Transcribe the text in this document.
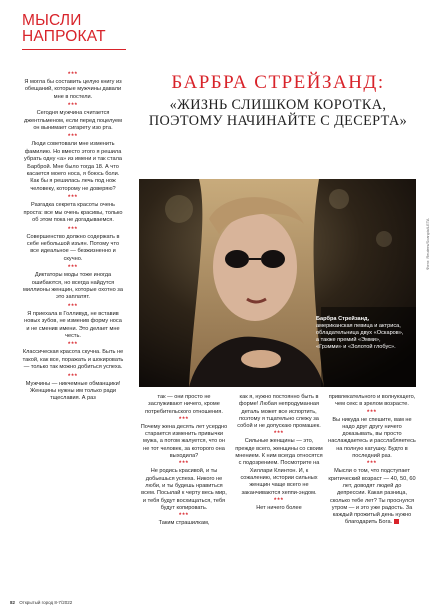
МЫСЛИ НАПРОКАТ
***
Я могла бы составить целую книгу из обещаний, которые мужчины давали мне в постели.
***
Сегодня мужчина считается джентльменом, если перед поцелуем он вынимает сигарету изо рта.
***
Люди советовали мне изменить фамилию. Но вместо этого я решила убрать одну «а» из имени и так стала Барброй. Мне было тогда 18. А что касается моего носа, я боюсь боли. Как бы я решилась лечь под нож человеку, которому не доверяю?
***
Разгадка секрета красоты очень проста: все мы очень красивы, только об этом пока не догадываемся.
***
Совершенство должно содержать в себе небольшой изъян. Потому что все идеальное — безжизненно и скучно.
***
Диктаторы моды тоже иногда ошибаются, но всегда найдутся миллионы женщин, которые охотно за это заплатят.
***
Я приехала в Голливуд, не вставив новых зубов, не изменив форму носа и не сменив имени. Это делает мне честь.
***
Классическая красота скучна. Быть не такой, как все, поражать и шокировать — только так можно добиться успеха.
***
Мужчины — никчемные обманщики! Женщины нужны им только ради тщеславия. А раз
БАРБРА СТРЕЙЗАНД:
«ЖИЗНЬ СЛИШКОМ КОРОТКА, ПОЭТОМУ НАЧИНАЙТЕ С ДЕСЕРТА»
Барбра Стрейзанд, американская певица и актриса, обладательница двух «Оскаров», а также премий «Эмми», «Грэмми» и «Золотой глобус».
Фото: Reuters/Scanpix/LETA
так — они просто не заслуживают ничего, кроме потребительского отношения.
***
Почему жена десять лет усердно старается изменить привычки мужа, а потом жалуется, что он не тот человек, за которого она выходила?
***
Не родись красивой, и ты добьешься успеха. Никого не люби, и ты будешь нравиться всем. Посылай к черту весь мир, и тебя будут восхищаться, тебя будут копировать.
***
Таким страшилкам,
как я, нужно постоянно быть в форме! Любая непродуманная деталь может все испортить, поэтому я тщательно слежу за собой и не допускаю промашек.
***
Сильные женщины — это, прежде всего, женщины со своим мнением. К ним всегда относятся с подозрением. Посмотрите на Хиллари Клинтон. И, к сожалению, истории сильных женщин чаще всего не заканчиваются хеппи-эндом.
***
Нет ничего более
привлекательного и волнующего, чем секс в зрелом возрасте.
***
Вы никуда не спешите, вам не надо друг другу ничего доказывать, вы просто наслаждаетесь и расслабляетесь на полную катушку. Будто в последний раз.
***
Мысли о том, что подступает критический возраст — 40, 50, 60 лет, доводят людей до депрессии. Какая разница, сколько тебе лет? Ты проснулся утром — и это уже радость. За каждый прожитый день нужно благодарить Бога.
82 Открытый город 8-7/2022
